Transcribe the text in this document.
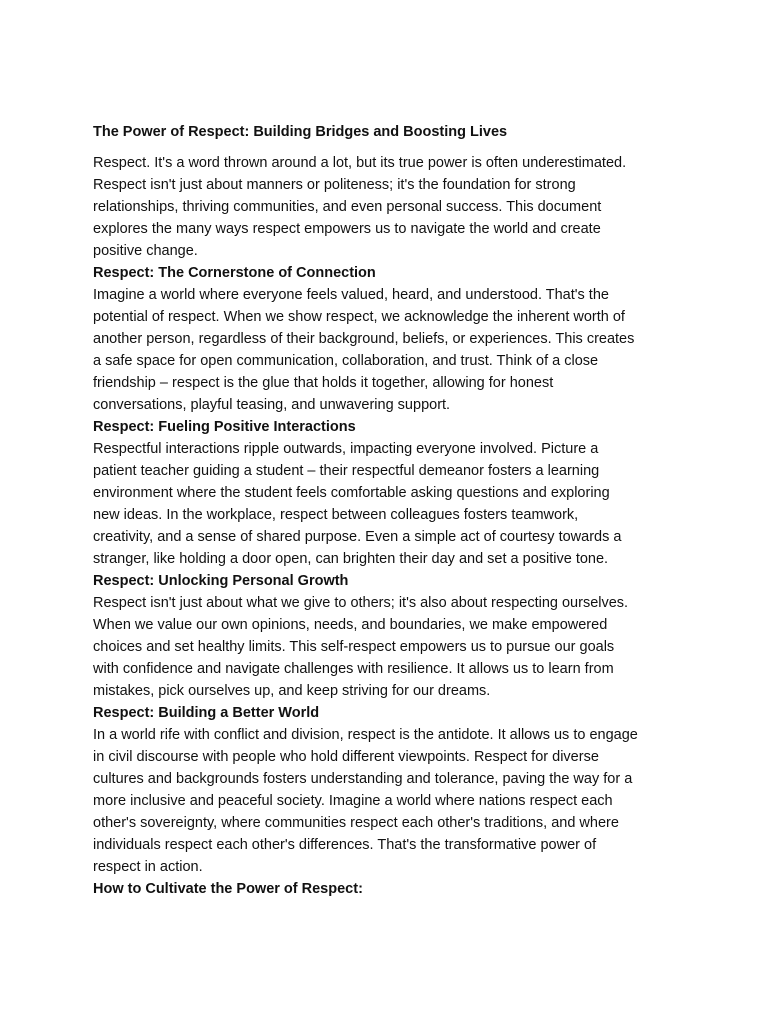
The Power of Respect: Building Bridges and Boosting Lives

Respect. It's a word thrown around a lot, but its true power is often underestimated.
Respect isn't just about manners or politeness; it's the foundation for strong
relationships, thriving communities, and even personal success. This document
explores the many ways respect empowers us to navigate the world and create
positive change.

Respect: The Cornerstone of Connection

Imagine a world where everyone feels valued, heard, and understood. That's the
potential of respect. When we show respect, we acknowledge the inherent worth of
another person, regardless of their background, beliefs, or experiences. This creates
a safe space for open communication, collaboration, and trust. Think of a close
friendship – respect is the glue that holds it together, allowing for honest
conversations, playful teasing, and unwavering support.

Respect: Fueling Positive Interactions

Respectful interactions ripple outwards, impacting everyone involved. Picture a
patient teacher guiding a student – their respectful demeanor fosters a learning
environment where the student feels comfortable asking questions and exploring
new ideas. In the workplace, respect between colleagues fosters teamwork,
creativity, and a sense of shared purpose. Even a simple act of courtesy towards a
stranger, like holding a door open, can brighten their day and set a positive tone.

Respect: Unlocking Personal Growth

Respect isn't just about what we give to others; it's also about respecting ourselves.
When we value our own opinions, needs, and boundaries, we make empowered
choices and set healthy limits. This self-respect empowers us to pursue our goals
with confidence and navigate challenges with resilience. It allows us to learn from
mistakes, pick ourselves up, and keep striving for our dreams.

Respect: Building a Better World

In a world rife with conflict and division, respect is the antidote. It allows us to engage
in civil discourse with people who hold different viewpoints. Respect for diverse
cultures and backgrounds fosters understanding and tolerance, paving the way for a
more inclusive and peaceful society. Imagine a world where nations respect each
other's sovereignty, where communities respect each other's traditions, and where
individuals respect each other's differences. That's the transformative power of
respect in action.

How to Cultivate the Power of Respect:
